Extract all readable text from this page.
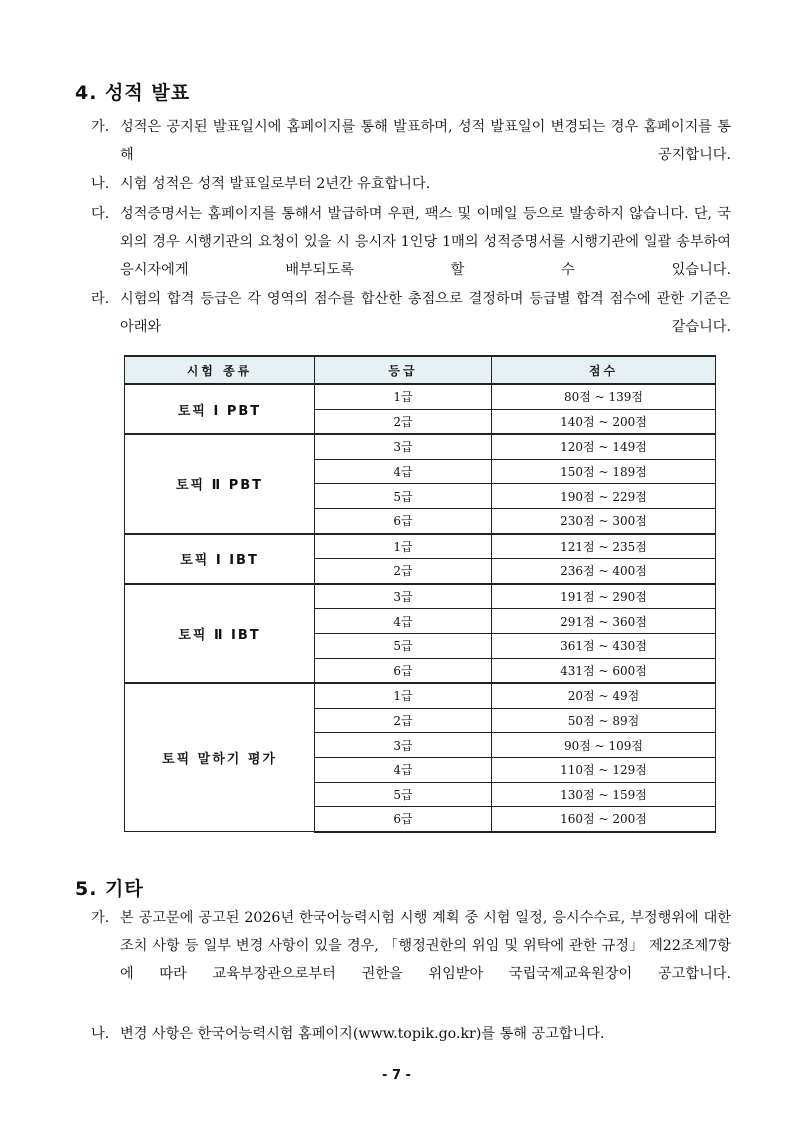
4. 성적 발표
가. 성적은 공지된 발표일시에 홈페이지를 통해 발표하며, 성적 발표일이 변경되는 경우 홈페이지를 통해 공지합니다.
나. 시험 성적은 성적 발표일로부터 2년간 유효합니다.
다. 성적증명서는 홈페이지를 통해서 발급하며 우편, 팩스 및 이메일 등으로 발송하지 않습니다. 단, 국외의 경우 시행기관의 요청이 있을 시 응시자 1인당 1매의 성적증명서를 시행기관에 일괄 송부하여 응시자에게 배부되도록 할 수 있습니다.
라. 시험의 합격 등급은 각 영역의 점수를 합산한 총점으로 결정하며 등급별 합격 점수에 관한 기준은 아래와 같습니다.
시험 종류	등급	점수
토픽 Ⅰ PBT	1급	80점 ~ 139점
	2급	140점 ~ 200점
토픽 Ⅱ PBT	3급	120점 ~ 149점
	4급	150점 ~ 189점
	5급	190점 ~ 229점
	6급	230점 ~ 300점
토픽 Ⅰ IBT	1급	121점 ~ 235점
	2급	236점 ~ 400점
토픽 Ⅱ IBT	3급	191점 ~ 290점
	4급	291점 ~ 360점
	5급	361점 ~ 430점
	6급	431점 ~ 600점
토픽 말하기 평가	1급	20점 ~ 49점
	2급	50점 ~ 89점
	3급	90점 ~ 109점
	4급	110점 ~ 129점
	5급	130점 ~ 159점
	6급	160점 ~ 200점
5. 기타
가. 본 공고문에 공고된 2026년 한국어능력시험 시행 계획 중 시험 일정, 응시수수료, 부정행위에 대한 조치 사항 등 일부 변경 사항이 있을 경우, 「행정권한의 위임 및 위탁에 관한 규정」 제22조제7항에 따라 교육부장관으로부터 권한을 위임받아 국립국제교육원장이 공고합니다.
나. 변경 사항은 한국어능력시험 홈페이지(www.topik.go.kr)를 통해 공고합니다.
- 7 -
